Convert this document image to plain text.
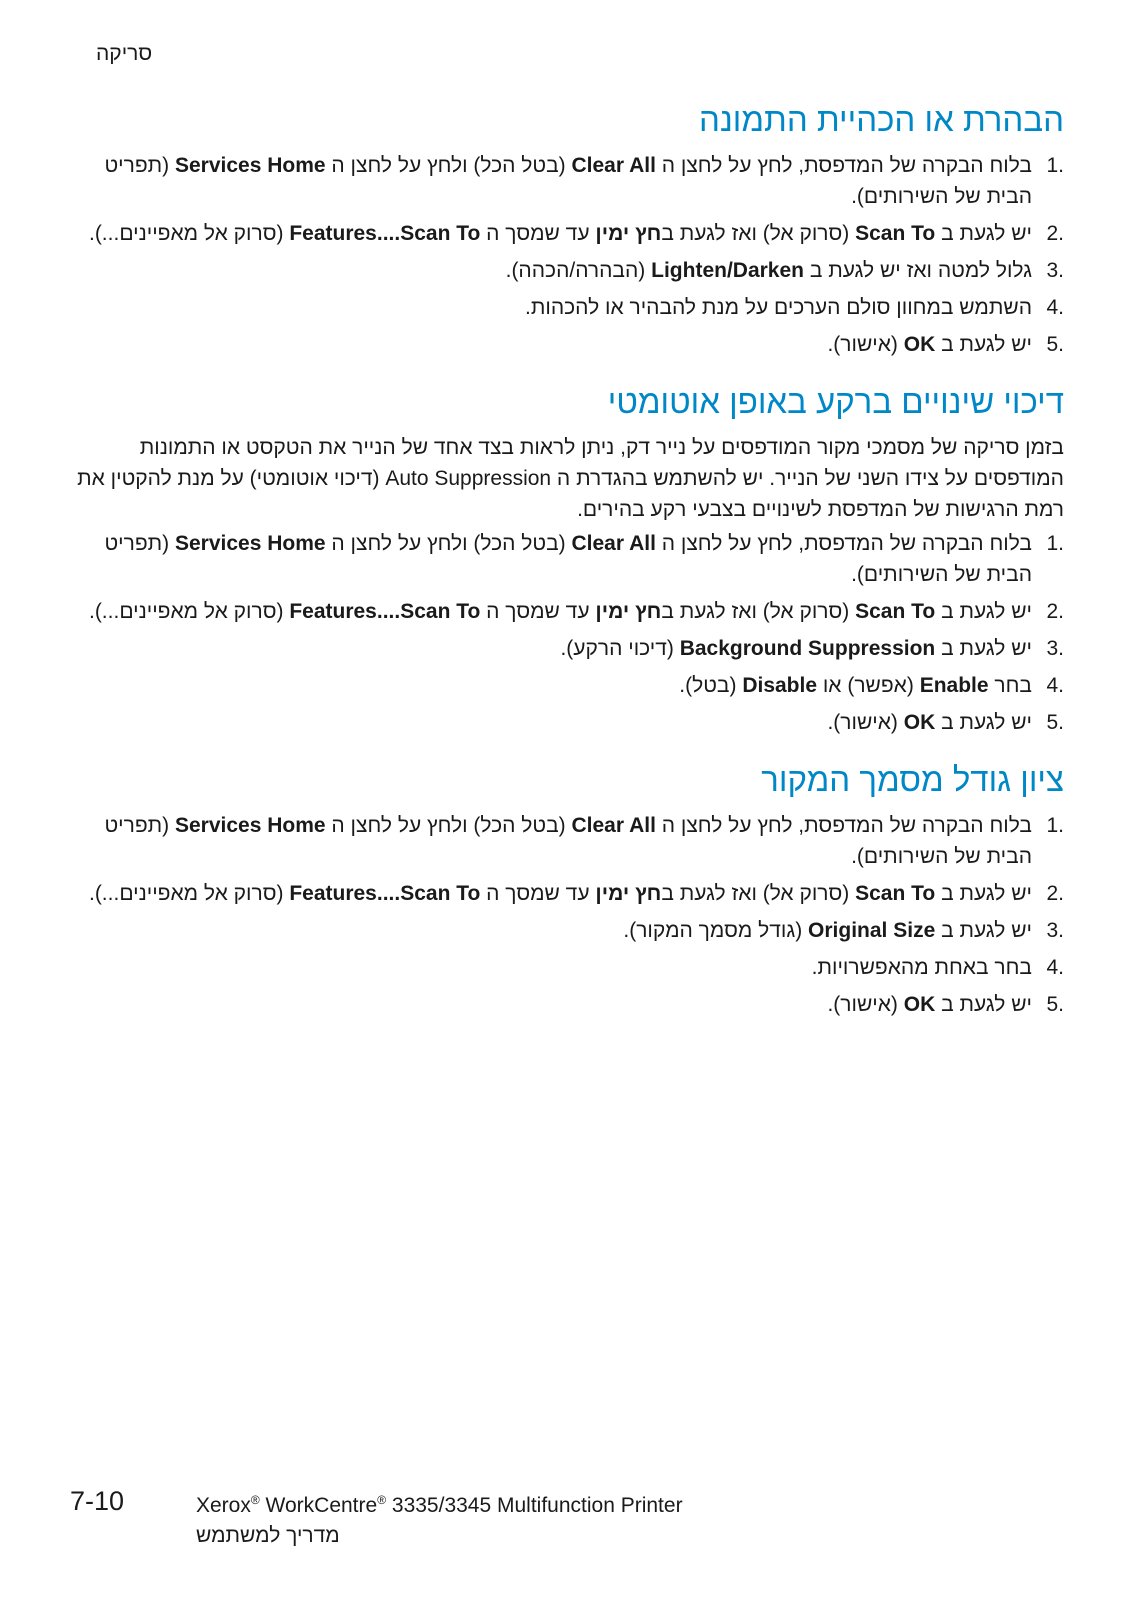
סריקה
הבהרת או הכהיית התמונה
1.
בלוח הבקרה של המדפסת, לחץ על לחצן ה Clear All (בטל הכל) ולחץ על לחצן ה Services Home (תפריט הבית של השירותים).
2.
יש לגעת ב Scan To (סרוק אל) ואז לגעת בחץ ימין עד שמסך ה Features....Scan To (סרוק אל מאפיינים...).
3.
גלול למטה ואז יש לגעת ב Lighten/Darken (הבהרה/הכהה).
4.
השתמש במחוון סולם הערכים על מנת להבהיר או להכהות.
5.
יש לגעת ב OK (אישור).
דיכוי שינויים ברקע באופן אוטומטי

בזמן סריקה של מסמכי מקור המודפסים על נייר דק, ניתן לראות בצד אחד של הנייר את הטקסט או התמונות המודפסים על צידו השני של הנייר. יש להשתמש בהגדרת ה Auto Suppression (דיכוי אוטומטי) על מנת להקטין את רמת הרגישות של המדפסת לשינויים בצבעי רקע בהירים.

1.
בלוח הבקרה של המדפסת, לחץ על לחצן ה Clear All (בטל הכל) ולחץ על לחצן ה Services Home (תפריט הבית של השירותים).
2.
יש לגעת ב Scan To (סרוק אל) ואז לגעת בחץ ימין עד שמסך ה Features....Scan To (סרוק אל מאפיינים...).
3.
יש לגעת ב Background Suppression (דיכוי הרקע).
4.
בחר Enable (אפשר) או Disable (בטל).
5.
יש לגעת ב OK (אישור).
ציון גודל מסמך המקור
1.
בלוח הבקרה של המדפסת, לחץ על לחצן ה Clear All (בטל הכל) ולחץ על לחצן ה Services Home (תפריט הבית של השירותים).
2.
יש לגעת ב Scan To (סרוק אל) ואז לגעת בחץ ימין עד שמסך ה Features....Scan To (סרוק אל מאפיינים...).
3.
יש לגעת ב Original Size (גודל מסמך המקור).
4.
בחר באחת מהאפשרויות.
5.
יש לגעת ב OK (אישור).
7-10	Xerox® WorkCentre® 3335/3345 Multifunction Printer
מדריך למשתמש
